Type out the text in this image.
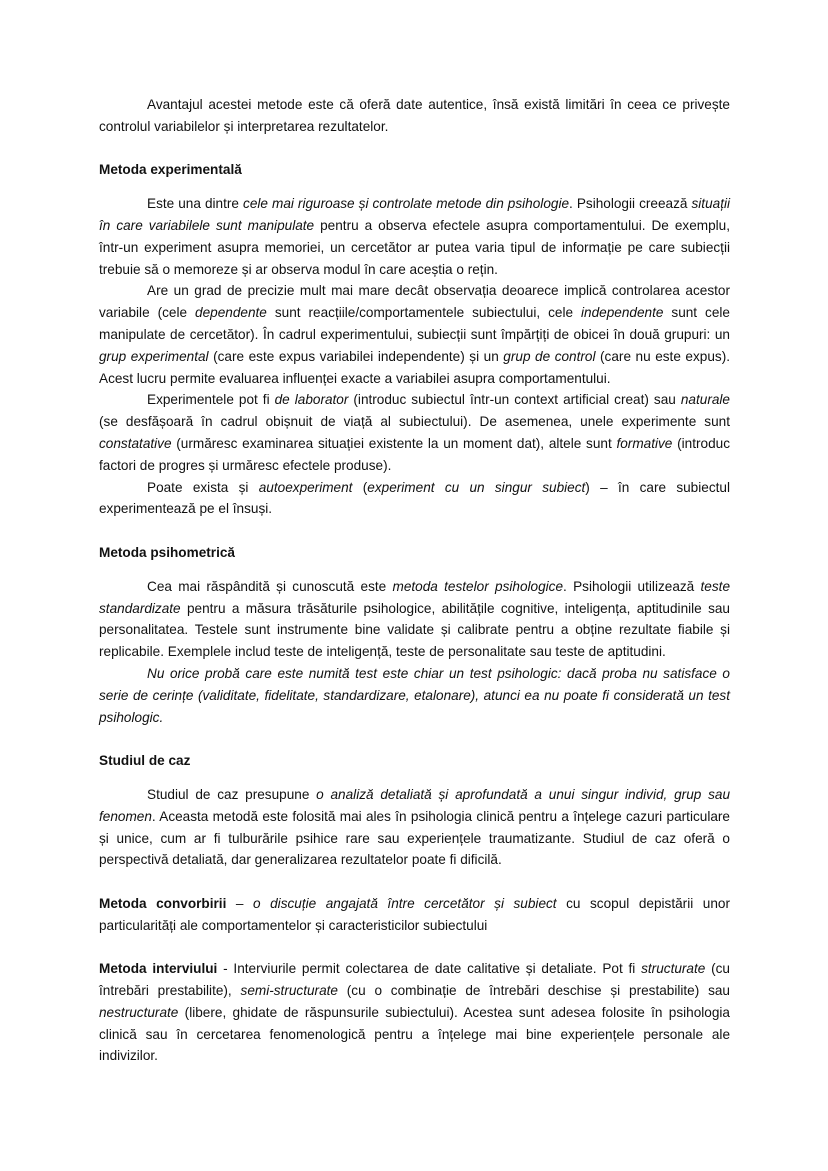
Avantajul acestei metode este că oferă date autentice, însă există limitări în ceea ce privește controlul variabilelor și interpretarea rezultatelor.

Metoda experimentală

Este una dintre cele mai riguroase și controlate metode din psihologie. Psihologii creează situații în care variabilele sunt manipulate pentru a observa efectele asupra comportamentului. De exemplu, într-un experiment asupra memoriei, un cercetător ar putea varia tipul de informație pe care subiecții trebuie să o memoreze și ar observa modul în care aceștia o rețin.

Are un grad de precizie mult mai mare decât observația deoarece implică controlarea acestor variabile (cele dependente sunt reacțiile/comportamentele subiectului, cele independente sunt cele manipulate de cercetător). În cadrul experimentului, subiecții sunt împărțiți de obicei în două grupuri: un grup experimental (care este expus variabilei independente) și un grup de control (care nu este expus). Acest lucru permite evaluarea influenței exacte a variabilei asupra comportamentului.

Experimentele pot fi de laborator (introduc subiectul într-un context artificial creat) sau naturale (se desfășoară în cadrul obișnuit de viață al subiectului). De asemenea, unele experimente sunt constatative (urmăresc examinarea situației existente la un moment dat), altele sunt formative (introduc factori de progres și urmăresc efectele produse).

Poate exista și autoexperiment (experiment cu un singur subiect) – în care subiectul experimentează pe el însuși.

Metoda psihometrică

Cea mai răspândită și cunoscută este metoda testelor psihologice. Psihologii utilizează teste standardizate pentru a măsura trăsăturile psihologice, abilitățile cognitive, inteligența, aptitudinile sau personalitatea. Testele sunt instrumente bine validate și calibrate pentru a obține rezultate fiabile și replicabile. Exemplele includ teste de inteligență, teste de personalitate sau teste de aptitudini.

Nu orice probă care este numită test este chiar un test psihologic: dacă proba nu satisface o serie de cerințe (validitate, fidelitate, standardizare, etalonare), atunci ea nu poate fi considerată un test psihologic.

Studiul de caz

Studiul de caz presupune o analiză detaliată și aprofundată a unui singur individ, grup sau fenomen. Aceasta metodă este folosită mai ales în psihologia clinică pentru a înțelege cazuri particulare și unice, cum ar fi tulburările psihice rare sau experiențele traumatizante. Studiul de caz oferă o perspectivă detaliată, dar generalizarea rezultatelor poate fi dificilă.

Metoda convorbirii – o discuție angajată între cercetător și subiect cu scopul depistării unor particularități ale comportamentelor și caracteristicilor subiectului

Metoda interviului - Interviurile permit colectarea de date calitative și detaliate. Pot fi structurate (cu întrebări prestabilite), semi-structurate (cu o combinație de întrebări deschise și prestabilite) sau nestructurate (libere, ghidate de răspunsurile subiectului). Acestea sunt adesea folosite în psihologia clinică sau în cercetarea fenomenologică pentru a înțelege mai bine experiențele personale ale indivizilor.
